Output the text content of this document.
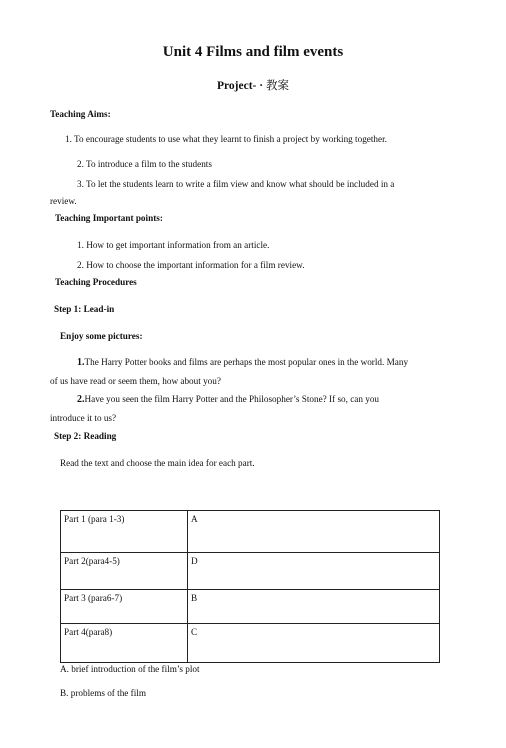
Unit 4 Films and film events
Project- · 教案
Teaching Aims:
1. To encourage students to use what they learnt to finish a project by working together.
2. To introduce a film to the students
3. To let the students learn to write a film view and know what should be included in a
review.
Teaching Important points:
1. How to get important information from an article.
2. How to choose the important information for a film review.
Teaching Procedures
Step 1: Lead-in
Enjoy some pictures:
1.The Harry Potter books and films are perhaps the most popular ones in the world. Many
of us have read or seem them, how about you?
2.Have you seen the film Harry Potter and the Philosopher’s Stone? If so, can you
introduce it to us?
Step 2: Reading
Read the text and choose the main idea for each part.
Part 1 (para 1-3)	A
Part 2(para4-5)	D
Part 3 (para6-7)	B
Part 4(para8)	C
A. brief introduction of the film’s plot
B. problems of the film
